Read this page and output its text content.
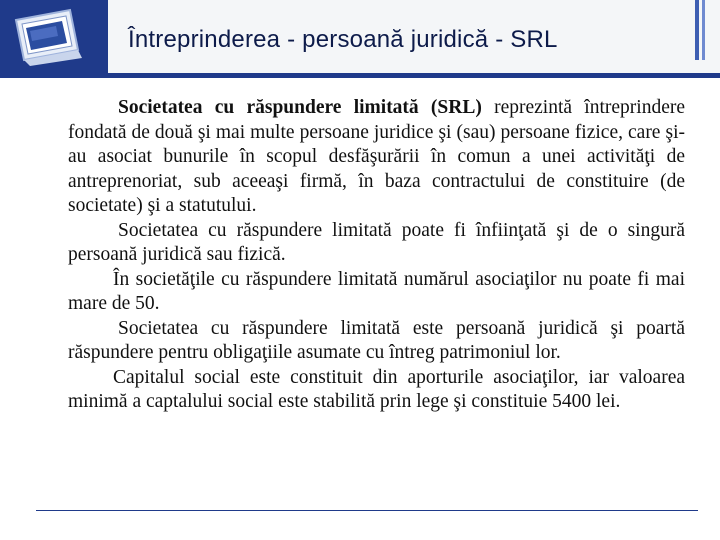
Întreprinderea - persoană juridică - SRL

Societatea cu răspundere limitată (SRL) reprezintă întreprindere fondată de două şi mai multe persoane juridice şi (sau) persoane fizice, care şi-au asociat bunurile în scopul desfăşurării în comun a unei activităţi de antreprenoriat, sub aceeaşi firmă, în baza contractului de constituire (de societate) şi a statutului.

Societatea cu răspundere limitată poate fi înfiinţată şi de o singură persoană juridică sau fizică.

În societăţile cu răspundere limitată numărul asociaţilor nu poate fi mai mare de 50.

Societatea cu răspundere limitată este persoană juridică şi poartă răspundere pentru obligaţiile asumate cu întreg patrimoniul lor.

Capitalul social este constituit din aporturile asociaţilor, iar valoarea minimă a captalului social este stabilită prin lege şi constituie 5400 lei.
